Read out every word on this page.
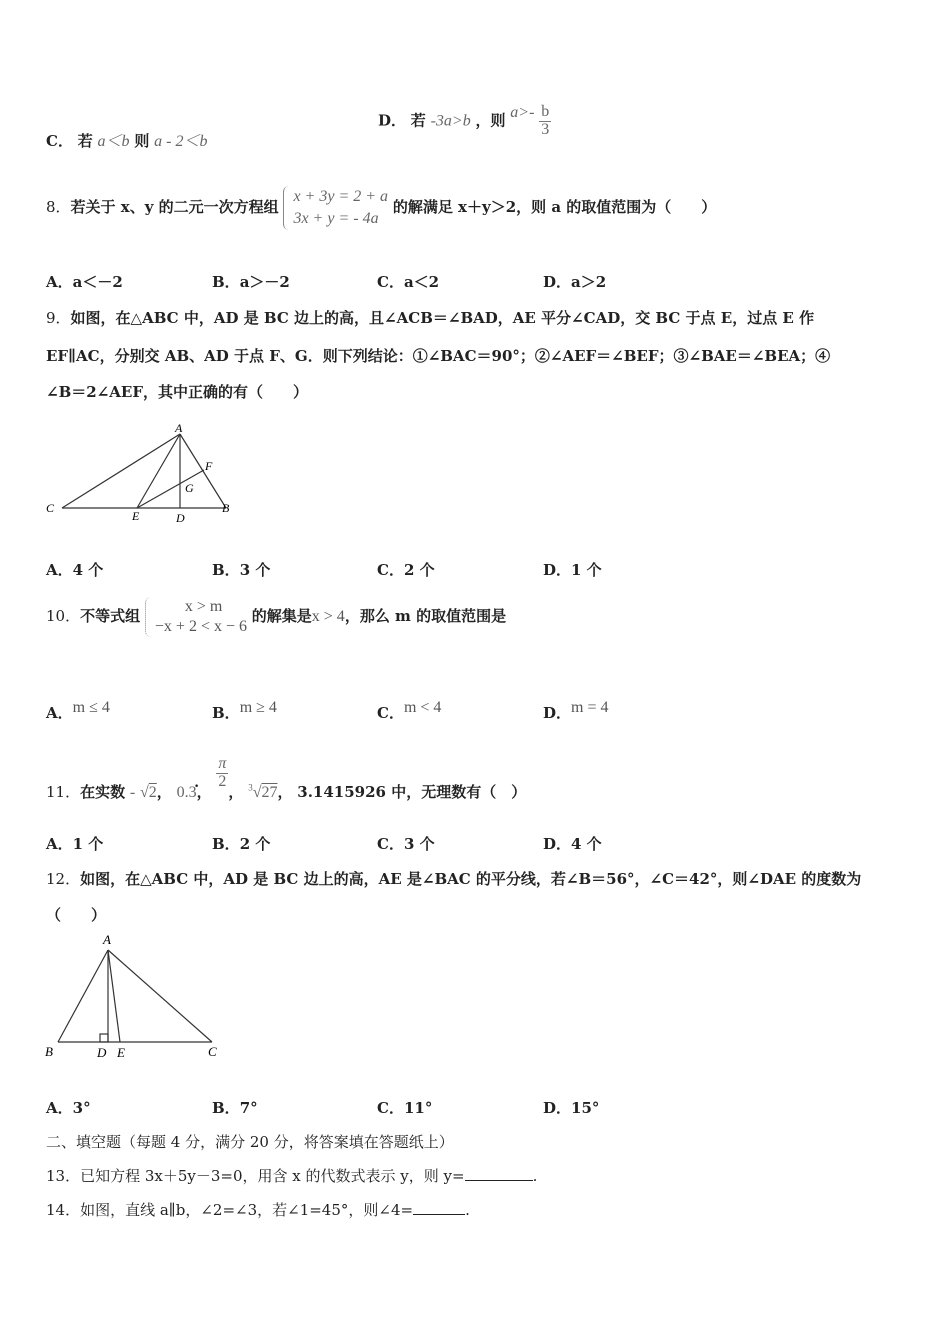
C． 若 a＜b 则 a - 2＜b
D． 若 -3a>b ，则 $a>- \frac{b}{3}$
8．若关于 x、y 的二元一次方程组
x + 3y = 2 + a
3x + y = - 4a
的解满足 x＋y＞2，则 a 的取值范围为（　　）
A．a＜－2	B．a＞－2	C．a＜2	D．a＞2
9．如图，在△ABC 中，AD 是 BC 边上的高，且∠ACB＝∠BAD，AE 平分∠CAD，交 BC 于点 E，过点 E 作
EF∥AC，分别交 AB、AD 于点 F、G．则下列结论：①∠BAC＝90°；②∠AEF＝∠BEF；③∠BAE＝∠BEA；④
∠B＝2∠AEF，其中正确的有（　　）
A
F
G
C
E	D
B
A．4 个	B．3 个	C．2 个	D．1 个
10．不等式组
x > m
−x + 2 < x − 6
的解集是x > 4，那么 m 的取值范围是
A．m ≤ 4	B．m ≥ 4	C．m < 4	D．m = 4
11．在实数 - √2， 0.3
.
，
$\frac{\pi}{2}$
， $^3$√27， 3.1415926 中，无理数有（　）
A．1 个	B．2 个	C．3 个	D．4 个
12．如图，在△ABC 中，AD 是 BC 边上的高，AE 是∠BAC 的平分线，若∠B＝56°，∠C＝42°，则∠DAE 的度数为
（　　）
A
B	D E	C
A．3°	B．7°	C．11°	D．15°
二、填空题（每题 4 分，满分 20 分，将答案填在答题纸上）
13．已知方程 3x＋5y－3=0，用含 x 的代数式表示 y，则 y=	.
14．如图，直线 a∥b，∠2=∠3，若∠1=45°，则∠4=	.
